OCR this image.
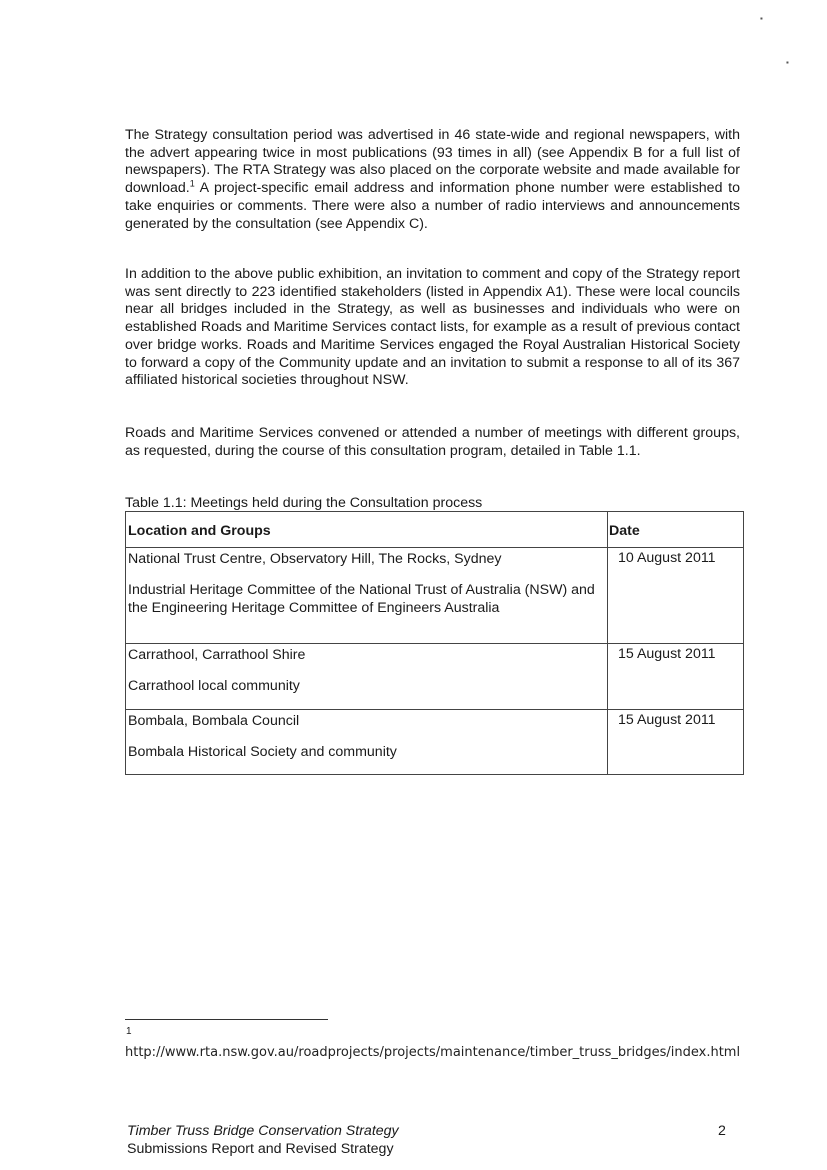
▪
▪

The Strategy consultation period was advertised in 46 state-wide and regional newspapers, with the advert appearing twice in most publications (93 times in all) (see Appendix B for a full list of newspapers). The RTA Strategy was also placed on the corporate website and made available for download.$^1$ A project-specific email address and information phone number were established to take enquiries or comments. There were also a number of radio interviews and announcements generated by the consultation (see Appendix C).

In addition to the above public exhibition, an invitation to comment and copy of the Strategy report was sent directly to 223 identified stakeholders (listed in Appendix A1). These were local councils near all bridges included in the Strategy, as well as businesses and individuals who were on established Roads and Maritime Services contact lists, for example as a result of previous contact over bridge works. Roads and Maritime Services engaged the Royal Australian Historical Society to forward a copy of the Community update and an invitation to submit a response to all of its 367 affiliated historical societies throughout NSW.

Roads and Maritime Services convened or attended a number of meetings with different groups, as requested, during the course of this consultation program, detailed in Table 1.1.

Table 1.1: Meetings held during the Consultation process
Location and Groups	Date

National Trust Centre, Observatory Hill, The Rocks, Sydney

Industrial Heritage Committee of the National Trust of Australia (NSW) and the Engineering Heritage Committee of Engineers Australia	10 August 2011

Carrathool, Carrathool Shire

Carrathool local community	15 August 2011

Bombala, Bombala Council

Bombala Historical Society and community	15 August 2011
1

http://www.rta.nsw.gov.au/roadprojects/projects/maintenance/timber_truss_bridges/index.html

Timber Truss Bridge Conservation Strategy
Submissions Report and Revised Strategy
2
